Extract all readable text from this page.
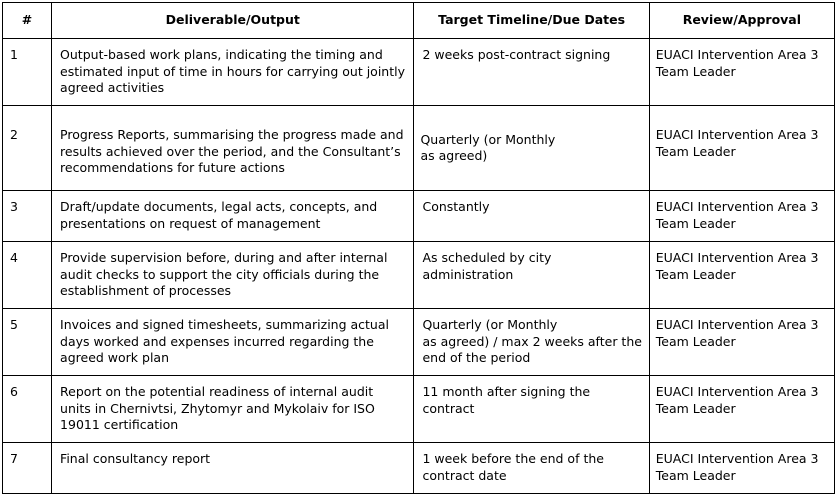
#	Deliverable/Output	Target Timeline/Due Dates	Review/Approval

1	Output-based work plans, indicating the timing and estimated input of time in hours for carrying out jointly agreed activities	2 weeks post-contract signing	EUACI Intervention Area 3 Team Leader

2	Progress Reports, summarising the progress made and results achieved over the period, and the Consultant’s recommendations for future actions	Quarterly (or Monthly
as agreed)	EUACI Intervention Area 3 Team Leader

3	Draft/update documents, legal acts, concepts, and presentations on request of management	Constantly	EUACI Intervention Area 3 Team Leader

4	Provide supervision before, during and after internal audit checks to support the city officials during the establishment of processes	As scheduled by city administration	EUACI Intervention Area 3 Team Leader

5	Invoices and signed timesheets, summarizing actual days worked and expenses incurred regarding the agreed work plan	Quarterly (or Monthly
as agreed) / max 2 weeks after the end of the period	EUACI Intervention Area 3 Team Leader

6	Report on the potential readiness of internal audit units in Chernivtsi, Zhytomyr and Mykolaiv for ISO 19011 certification	11 month after signing the contract	EUACI Intervention Area 3 Team Leader

7	Final consultancy report	1 week before the end of the contract date	EUACI Intervention Area 3 Team Leader
